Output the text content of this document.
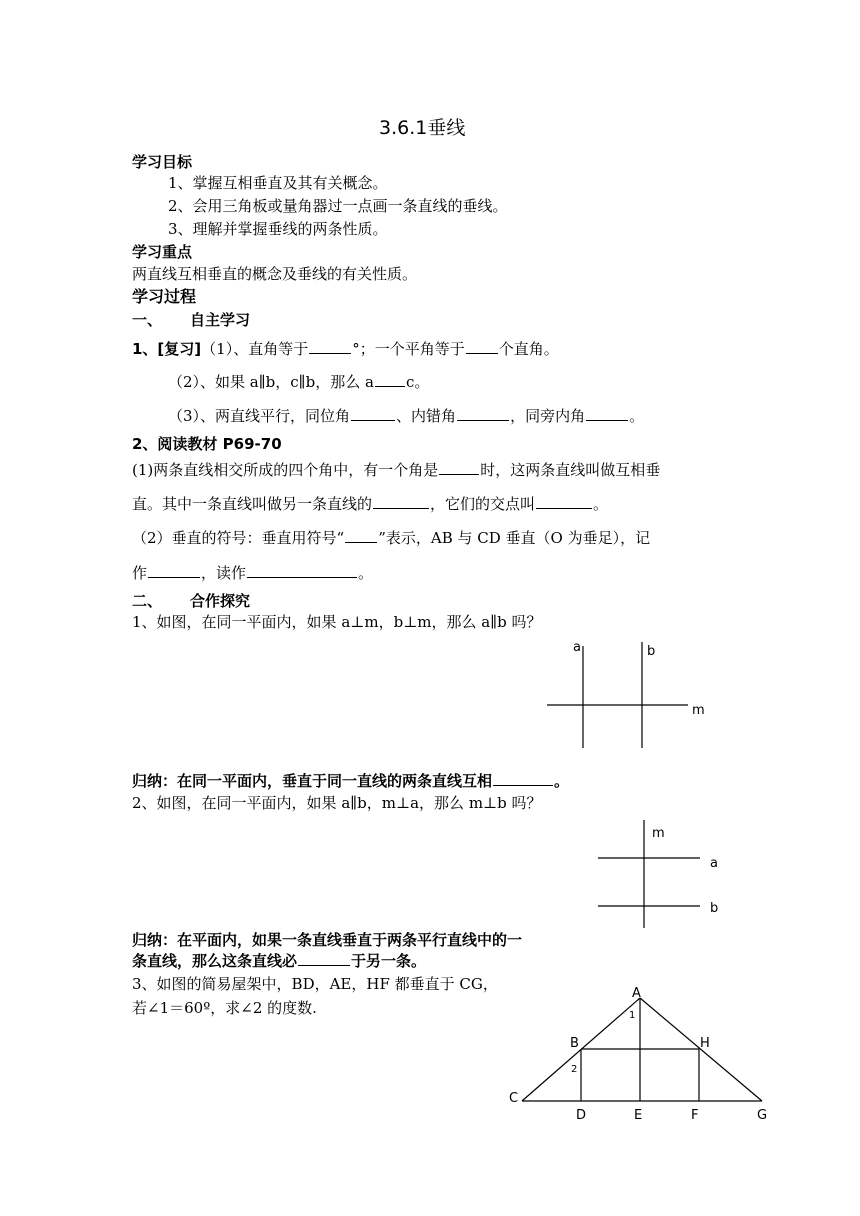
3.6.1垂线
学习目标
1、掌握互相垂直及其有关概念。
2、会用三角板或量角器过一点画一条直线的垂线。
3、理解并掌握垂线的两条性质。
学习重点
两直线互相垂直的概念及垂线的有关性质。
学习过程
一、 自主学习
1、[复习]（1）、直角等于	°；一个平角等于 个直角。
（2）、如果 a∥b，c∥b，那么 a c。
（3）、两直线平行，同位角	、内错角	，同旁内角	。
2、阅读教材 P69-70
(1)两条直线相交所成的四个角中，有一个角是	时，这两条直线叫做互相垂
直。其中一条直线叫做另一条直线的	，它们的交点叫	。
（2）垂直的符号：垂直用符号“ ”表示，AB 与 CD 垂直（O 为垂足），记
作	，读作	。
二、 合作探究
1、如图，在同一平面内，如果 a⊥m，b⊥m，那么 a∥b 吗？
a	b
m
归纳：在同一平面内，垂直于同一直线的两条直线互相	。
2、如图，在同一平面内，如果 a∥b，m⊥a，那么 m⊥b 吗？
m
a
b
归纳：在平面内，如果一条直线垂直于两条平行直线中的一
条直线，那么这条直线必	于另一条。
3、如图的简易屋架中，BD，AE，HF 都垂直于 CG，
若∠1＝60º，求∠2 的度数.
A
B	H
C
D	E	F	G
1
2
